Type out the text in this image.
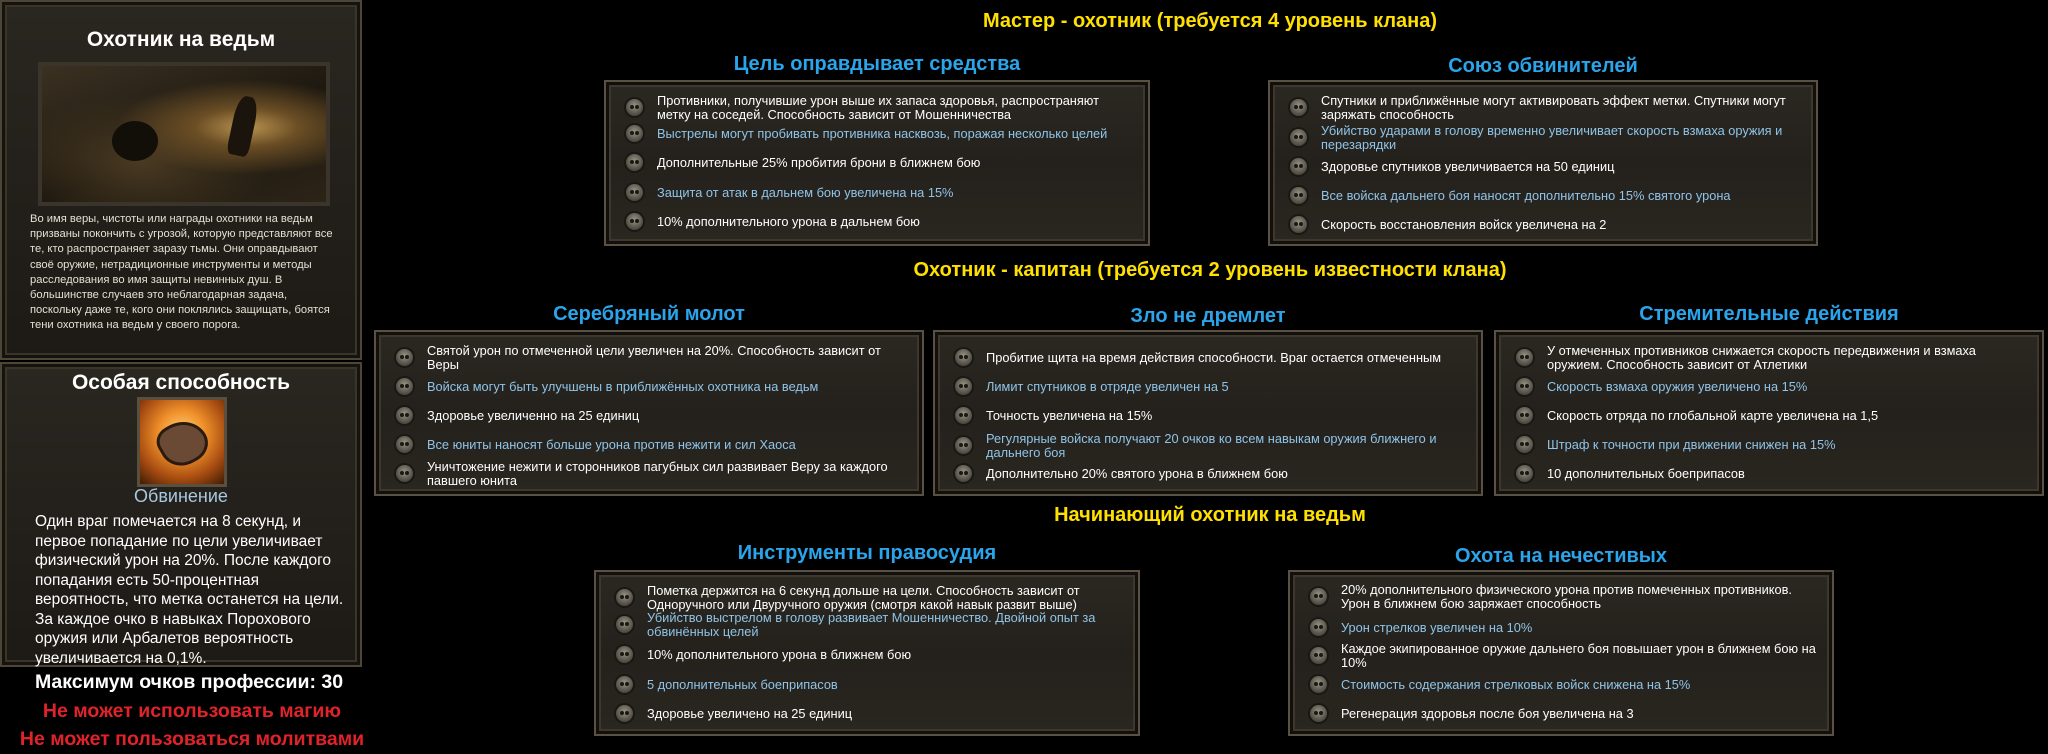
Охотник на ведьм
Во имя веры, чистоты или награды охотники на ведьм призваны покончить с угрозой, которую представляют все те, кто распространяет заразу тьмы. Они оправдывают своё оружие, нетрадиционные инструменты и методы расследования во имя защиты невинных душ. В большинстве случаев это неблагодарная задача, поскольку даже те, кого они поклялись защищать, боятся тени охотника на ведьм у своего порога.
Особая способность
Обвинение
Один враг помечается на 8 секунд, и первое попадание по цели увеличивает физический урон на 20%. После каждого попадания есть 50-процентная вероятность, что метка останется на цели. За каждое очко в навыках Порохового оружия или Арбалетов вероятность увеличивается на 0,1%.
Максимум очков профессии: 30
Не может использовать магию
Не может пользоваться молитвами
Мастер - охотник (требуется 4 уровень клана)
Охотник - капитан (требуется 2 уровень известности клана)
Начинающий охотник на ведьм
Цель оправдывает средства	Союз обвинителей
Серебряный молот	Зло не дремлет	Стремительные действия
Инструменты правосудия	Охота на нечестивых
Противники, получившие урон выше их запаса здоровья, распространяют метку на соседей. Способность зависит от Мошенничества
Выстрелы могут пробивать противника насквозь, поражая несколько целей
Дополнительные 25% пробития брони в ближнем бою
Защита от атак в дальнем бою увеличена на 15%
10% дополнительного урона в дальнем бою
Спутники и приближённые могут активировать эффект метки. Спутники могут заряжать способность
Убийство ударами в голову временно увеличивает скорость взмаха оружия и перезарядки
Здоровье спутников увеличивается на 50 единиц
Все войска дальнего боя наносят дополнительно 15% святого урона
Скорость восстановления войск увеличена на 2
Святой урон по отмеченной цели увеличен на 20%. Способность зависит от Веры
Войска могут быть улучшены в приближённых охотника на ведьм
Здоровье увеличенно на 25 единиц
Все юниты наносят больше урона против нежити и сил Хаоса
Уничтожение нежити и сторонников пагубных сил развивает Веру за каждого павшего юнита
Пробитие щита на время действия способности. Враг остается отмеченным
Лимит спутников в отряде увеличен на 5
Точность увеличена на 15%
Регулярные войска получают 20 очков ко всем навыкам оружия ближнего и дальнего боя
Дополнительно 20% святого урона в ближнем бою
У отмеченных противников снижается скорость передвижения и взмаха оружием. Способность зависит от Атлетики
Скорость взмаха оружия увеличено на 15%
Скорость отряда по глобальной карте увеличена на 1,5
Штраф к точности при движении снижен на 15%
10 дополнительных боеприпасов
Пометка держится на 6 секунд дольше на цели. Способность зависит от Одноручного или Двуручного оружия (смотря какой навык развит выше)
Убийство выстрелом в голову развивает Мошенничество. Двойной опыт за обвинённых целей
10% дополнительного урона в ближнем бою
5 дополнительных боеприпасов
Здоровье увеличено на 25 единиц
20% дополнительного физического урона против помеченных противников. Урон в ближнем бою заряжает способность
Урон стрелков увеличен на 10%
Каждое экипированное оружие дальнего боя повышает урон в ближнем бою на 10%
Стоимость содержания стрелковых войск снижена на 15%
Регенерация здоровья после боя увеличена на 3
